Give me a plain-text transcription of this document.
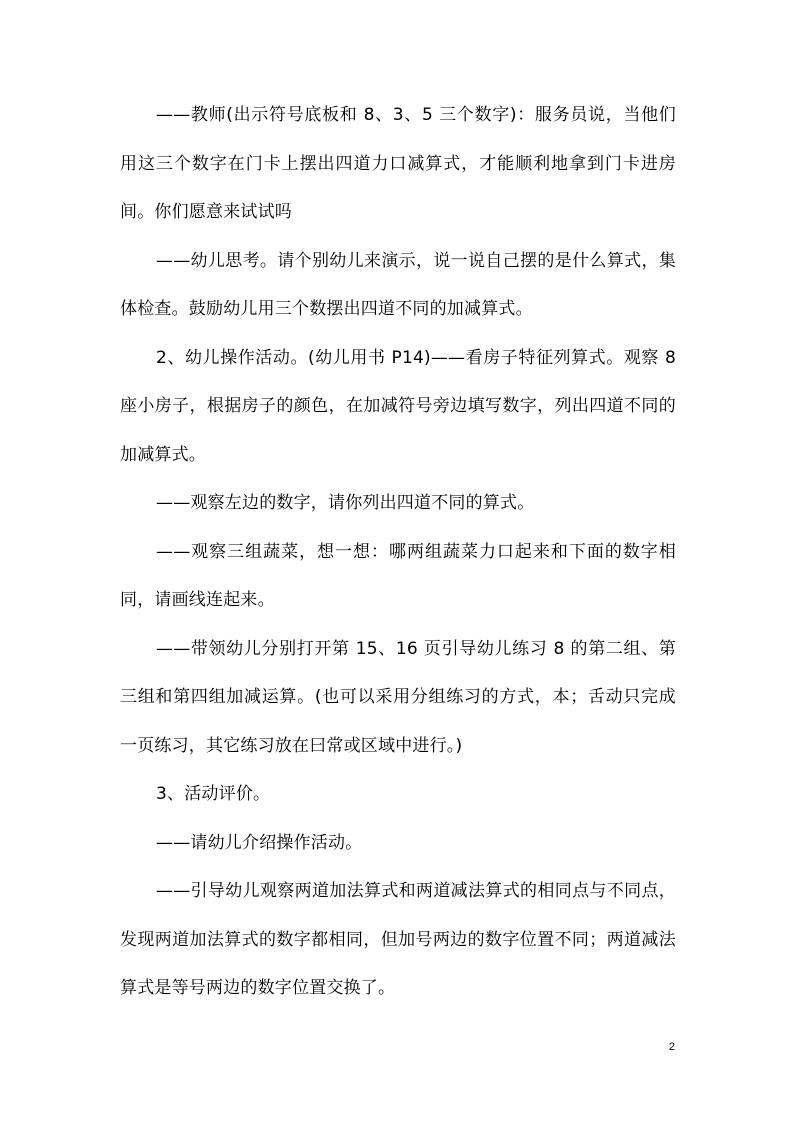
——教师(出示符号底板和 8、3、5 三个数字)：服务员说，当他们用这三个数字在门卡上摆出四道力口减算式，才能顺利地拿到门卡进房间。你们愿意来试试吗

——幼儿思考。请个别幼儿来演示，说一说自己摆的是什么算式，集体检查。鼓励幼儿用三个数摆出四道不同的加减算式。

2、幼儿操作活动。(幼儿用书 P14)——看房子特征列算式。观察 8 座小房子，根据房子的颜色，在加减符号旁边填写数字，列出四道不同的加减算式。

——观察左边的数字，请你列出四道不同的算式。

——观察三组蔬菜，想一想：哪两组蔬菜力口起来和下面的数字相同，请画线连起来。

——带领幼儿分别打开第 15、16 页引导幼儿练习 8 的第二组、第三组和第四组加减运算。(也可以采用分组练习的方式，本；舌动只完成一页练习，其它练习放在曰常或区域中进行。)

3、活动评价。

——请幼儿介绍操作活动。

——引导幼儿观察两道加法算式和两道减法算式的相同点与不同点，发现两道加法算式的数字都相同，但加号两边的数字位置不同；两道减法算式是等号两边的数字位置交换了。

2
